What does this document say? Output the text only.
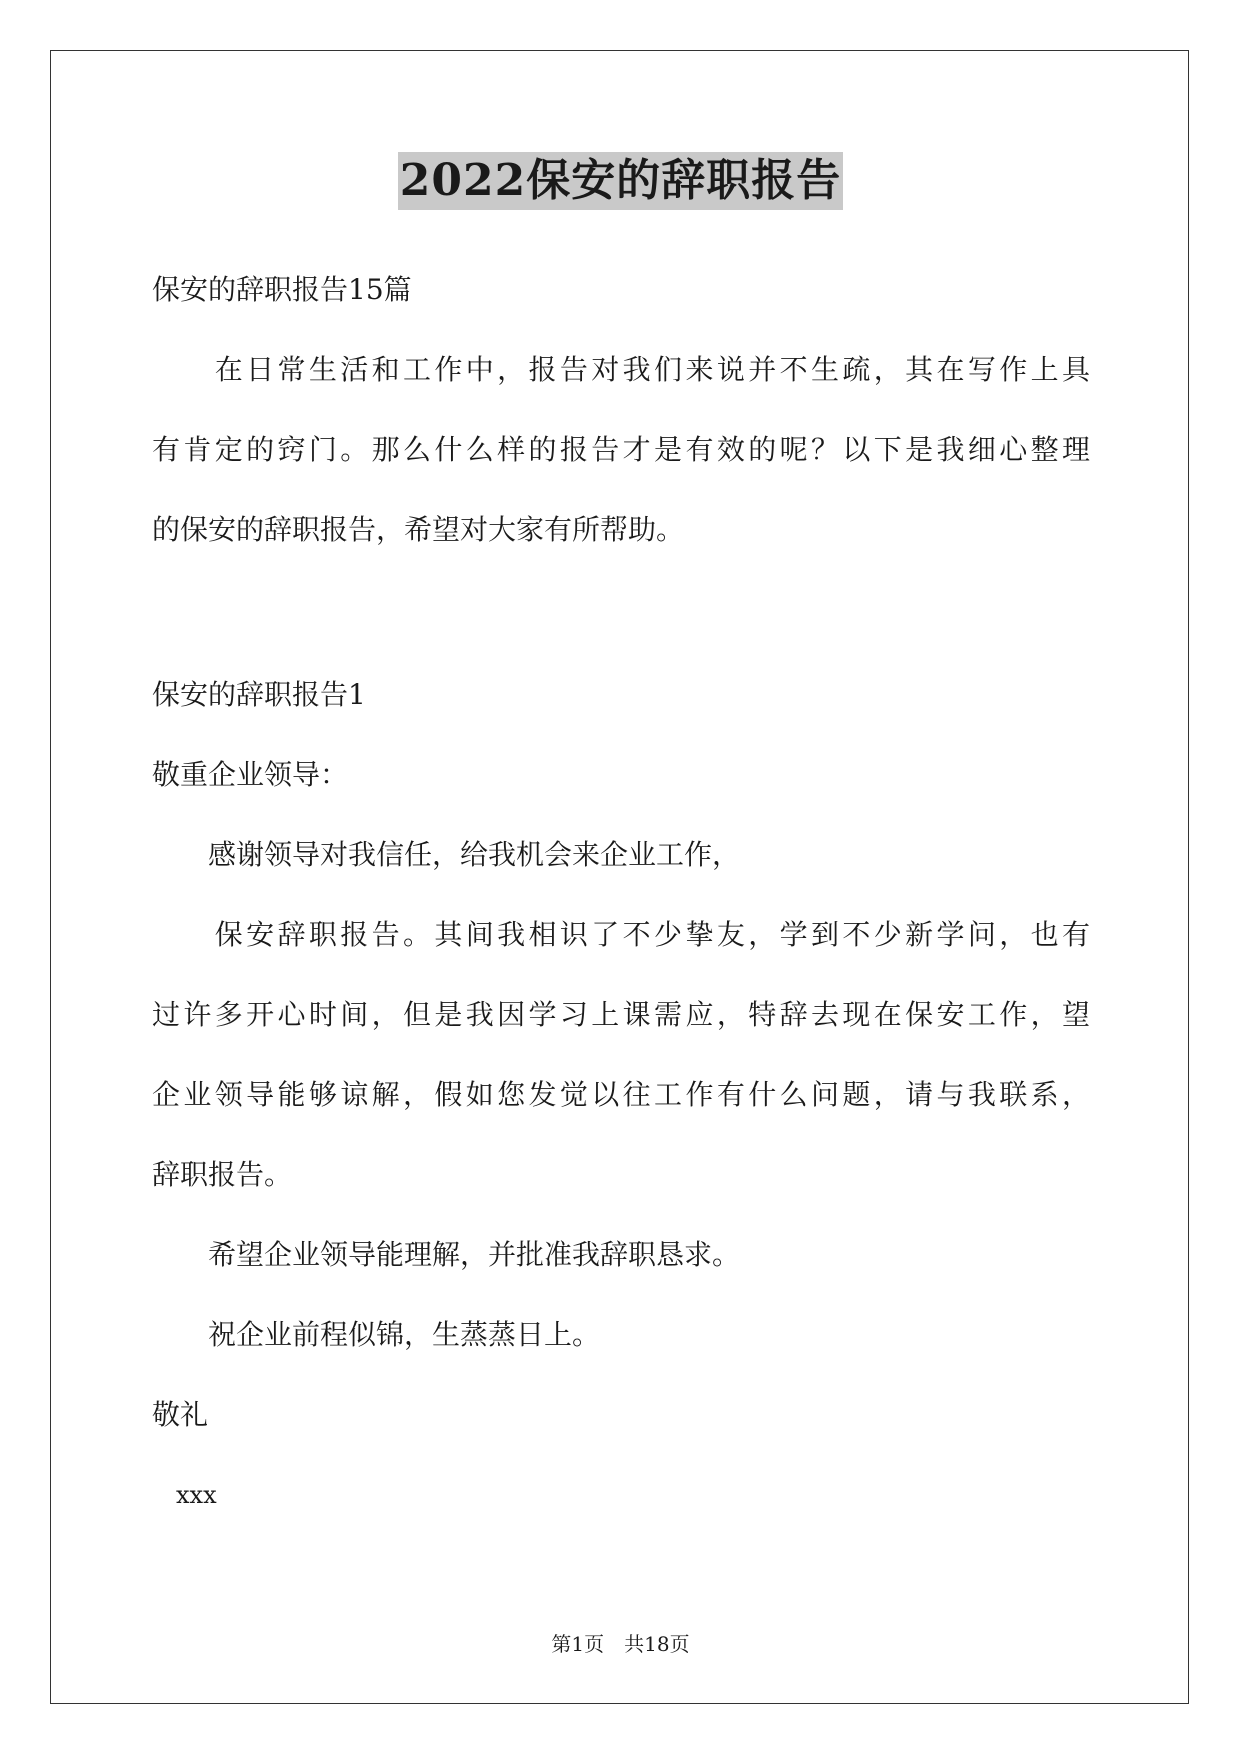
2022保安的辞职报告
保安的辞职报告15篇
　　在日常生活和工作中，报告对我们来说并不生疏，其在写作上具
有肯定的窍门。那么什么样的报告才是有效的呢？以下是我细心整理
的保安的辞职报告，希望对大家有所帮助。
保安的辞职报告1
敬重企业领导：
　　感谢领导对我信任，给我机会来企业工作，
　　保安辞职报告。其间我相识了不少挚友，学到不少新学问，也有
过许多开心时间，但是我因学习上课需应，特辞去现在保安工作，望
企业领导能够谅解，假如您发觉以往工作有什么问题，请与我联系，
辞职报告。
　　希望企业领导能理解，并批准我辞职恳求。
　　祝企业前程似锦，生蒸蒸日上。
敬礼
　xxx
第1页　共18页
